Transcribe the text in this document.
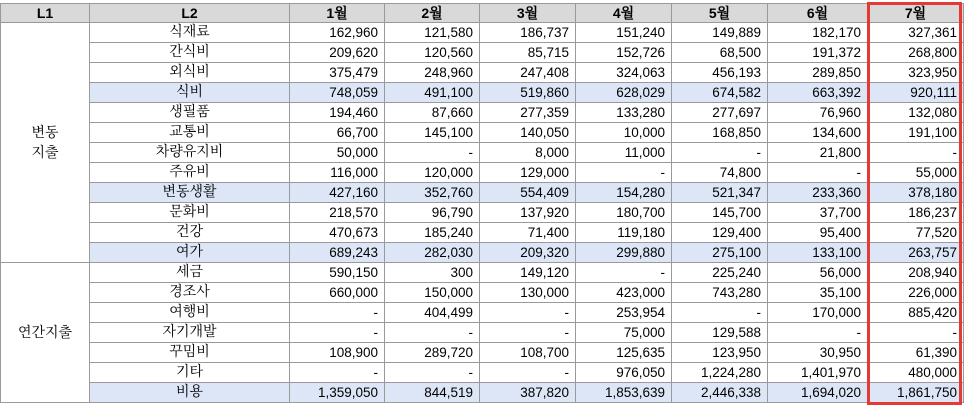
L1	L2	1월	2월	3월	4월	5월	6월	7월
변동
지출	식재료	162,960	121,580	186,737	151,240	149,889	182,170	327,361
	간식비	209,620	120,560	85,715	152,726	68,500	191,372	268,800
	외식비	375,479	248,960	247,408	324,063	456,193	289,850	323,950
	식비	748,059	491,100	519,860	628,029	674,582	663,392	920,111
	생필품	194,460	87,660	277,359	133,280	277,697	76,960	132,080
	교통비	66,700	145,100	140,050	10,000	168,850	134,600	191,100
	차량유지비	50,000	-	8,000	11,000	-	21,800	-
	주유비	116,000	120,000	129,000	-	74,800	-	55,000
	변동생활	427,160	352,760	554,409	154,280	521,347	233,360	378,180
	문화비	218,570	96,790	137,920	180,700	145,700	37,700	186,237
	건강	470,673	185,240	71,400	119,180	129,400	95,400	77,520
	여가	689,243	282,030	209,320	299,880	275,100	133,100	263,757
연간지출	세금	590,150	300	149,120	-	225,240	56,000	208,940
	경조사	660,000	150,000	130,000	423,000	743,280	35,100	226,000
	여행비	-	404,499	-	253,954	-	170,000	885,420
	자기개발	-	-	-	75,000	129,588	-	-
	꾸밈비	108,900	289,720	108,700	125,635	123,950	30,950	61,390
	기타	-	-	-	976,050	1,224,280	1,401,970	480,000
	비용	1,359,050	844,519	387,820	1,853,639	2,446,338	1,694,020	1,861,750
